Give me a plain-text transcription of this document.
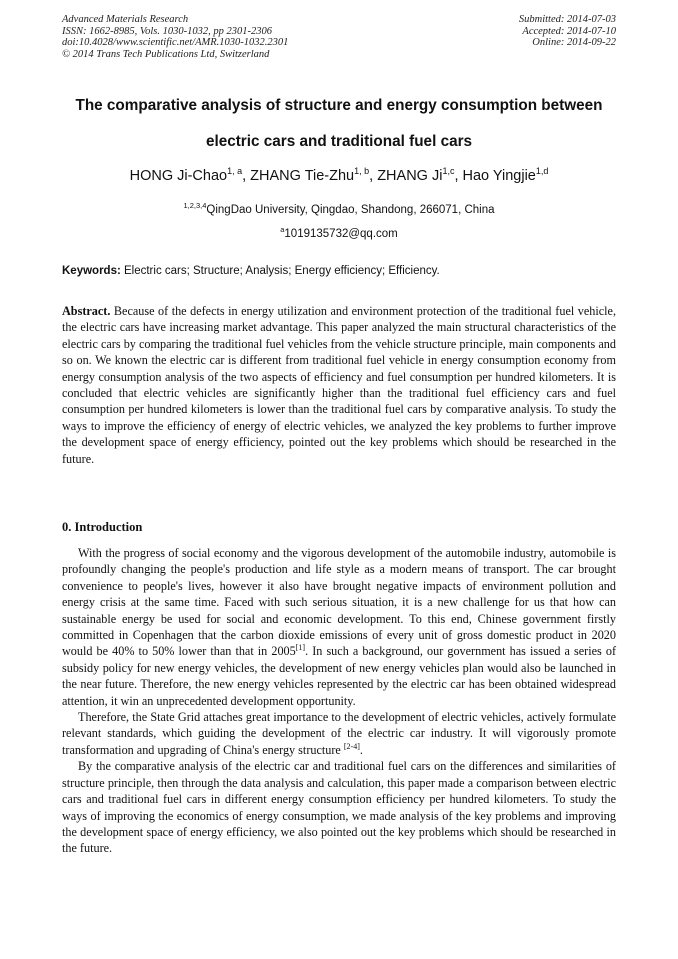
Advanced Materials Research
ISSN: 1662-8985, Vols. 1030-1032, pp 2301-2306
doi:10.4028/www.scientific.net/AMR.1030-1032.2301
© 2014 Trans Tech Publications Ltd, Switzerland
Submitted: 2014-07-03
Accepted: 2014-07-10
Online: 2014-09-22
The comparative analysis of structure and energy consumption between
electric cars and traditional fuel cars
HONG Ji-Chao$^{1, a}$, ZHANG Tie-Zhu$^{1, b}$, ZHANG Ji$^{1,c}$, Hao Yingjie$^{1,d}$
$^{1,2,3,4}$QingDao University, Qingdao, Shandong, 266071, China
$^a$1019135732@qq.com
Keywords: Electric cars; Structure; Analysis; Energy efficiency; Efficiency.
Abstract. Because of the defects in energy utilization and environment protection of the traditional fuel vehicle, the electric cars have increasing market advantage. This paper analyzed the main structural characteristics of the electric cars by comparing the traditional fuel vehicles from the vehicle structure principle, main components and so on. We known the electric car is different from traditional fuel vehicle in energy consumption economy from energy consumption analysis of the two aspects of efficiency and fuel consumption per hundred kilometers. It is concluded that electric vehicles are significantly higher than the traditional fuel efficiency cars and fuel consumption per hundred kilometers is lower than the traditional fuel cars by comparative analysis. To study the ways to improve the efficiency of energy of electric vehicles, we analyzed the key problems to further improve the development space of energy efficiency, pointed out the key problems which should be researched in the future.
0. Introduction

With the progress of social economy and the vigorous development of the automobile industry, automobile is profoundly changing the people's production and life style as a modern means of transport. The car brought convenience to people's lives, however it also have brought negative impacts of environment pollution and energy crisis at the same time. Faced with such serious situation, it is a new challenge for us that how can sustainable energy be used for social and economic development. To this end, Chinese government firstly committed in Copenhagen that the carbon dioxide emissions of every unit of gross domestic product in 2020 would be 40% to 50% lower than that in 2005[1]. In such a background, our government has issued a series of subsidy policy for new energy vehicles, the development of new energy vehicles plan would also be launched in the near future. Therefore, the new energy vehicles represented by the electric car has been obtained widespread attention, it win an unprecedented development opportunity.

Therefore, the State Grid attaches great importance to the development of electric vehicles, actively formulate relevant standards, which guiding the development of the electric car industry. It will vigorously promote transformation and upgrading of China's energy structure [2-4].

By the comparative analysis of the electric car and traditional fuel cars on the differences and similarities of structure principle, then through the data analysis and calculation, this paper made a comparison between electric cars and traditional fuel cars in different energy consumption efficiency per hundred kilometers. To study the ways of improving the economics of energy consumption, we made analysis of the key problems and improving the development space of energy efficiency, we also pointed out the key problems which should be researched in the future.
